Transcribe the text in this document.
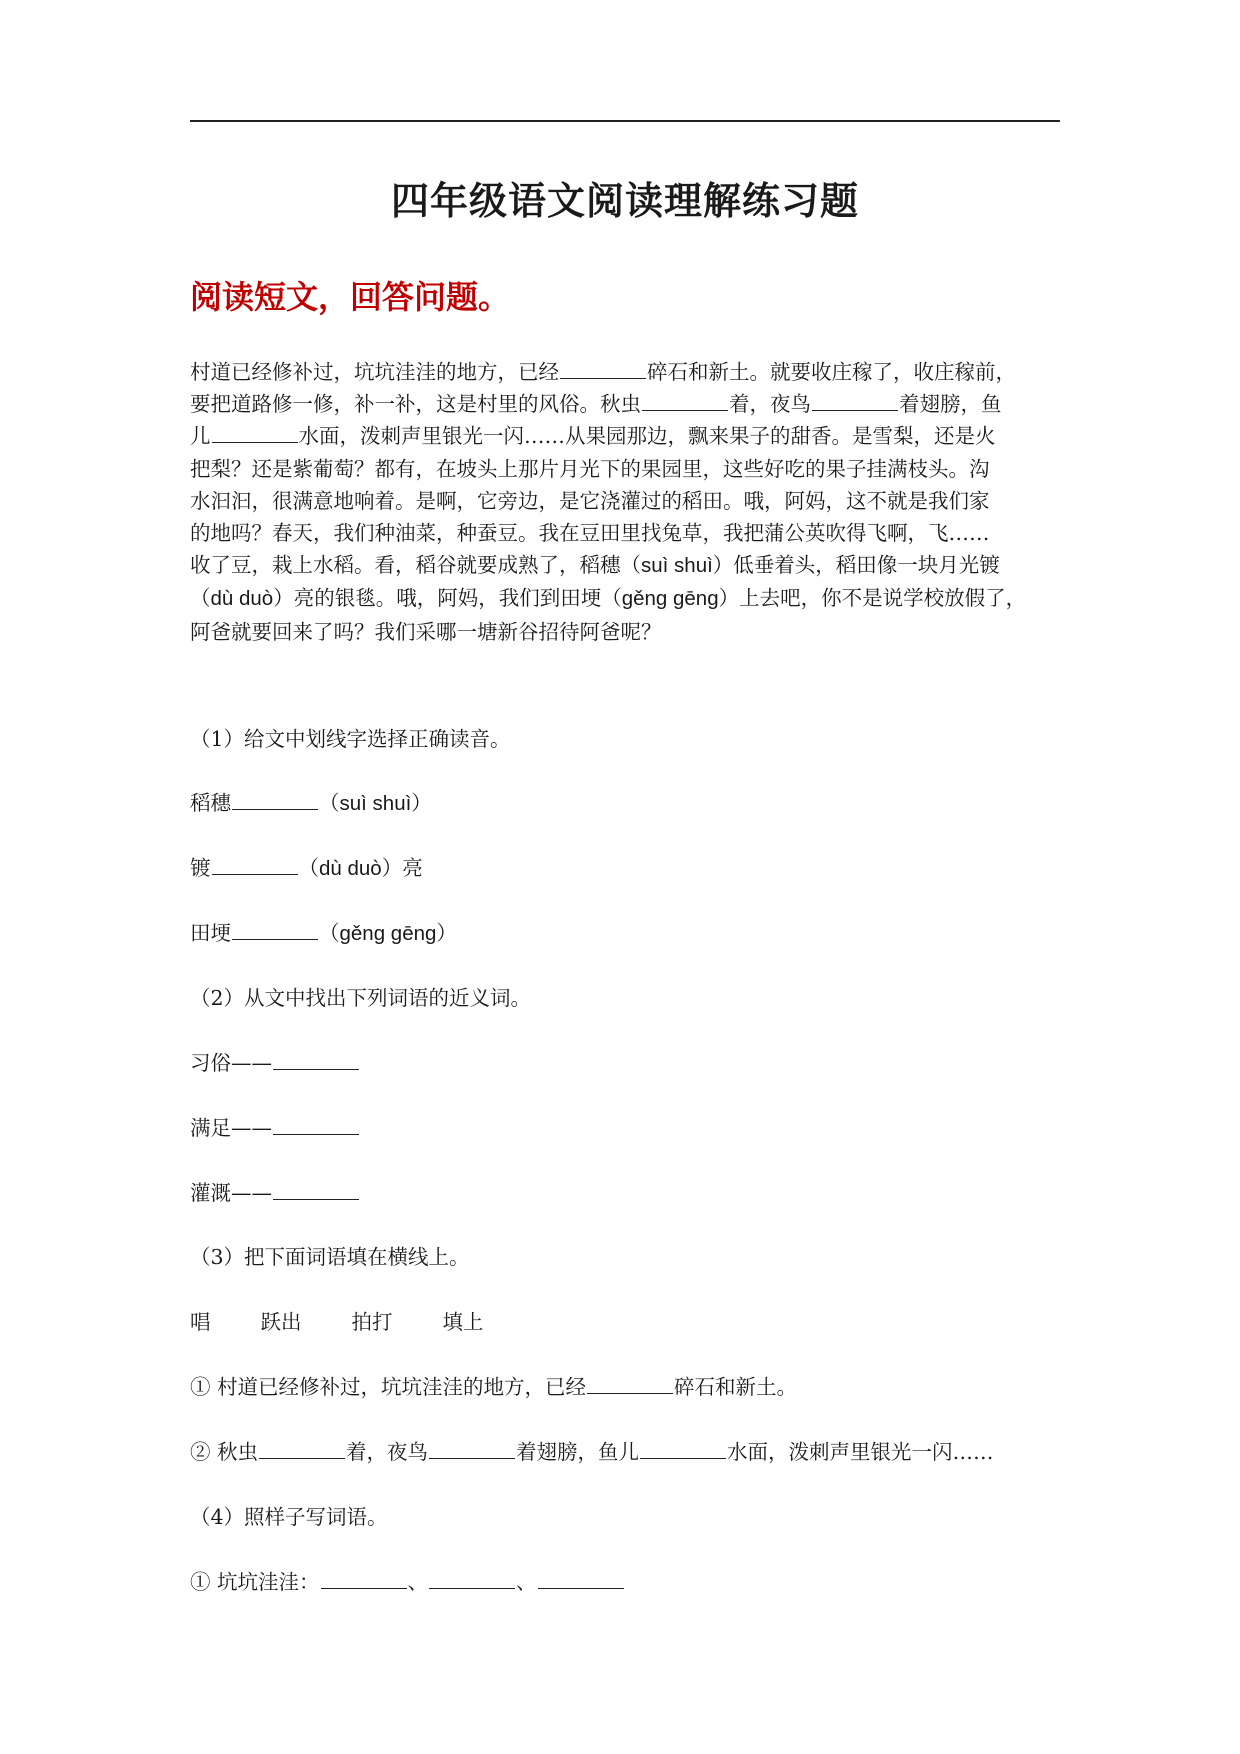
四年级语文阅读理解练习题
阅读短文，回答问题。
村道已经修补过，坑坑洼洼的地方，已经	碎石和新土。就要收庄稼了，收庄稼前，
要把道路修一修，补一补，这是村里的风俗。秋虫	着，夜鸟	着翅膀，鱼
儿	水面，泼刺声里银光一闪……从果园那边，飘来果子的甜香。是雪梨，还是火
把梨？还是紫葡萄？都有，在坡头上那片月光下的果园里，这些好吃的果子挂满枝头。沟
水汩汩，很满意地响着。是啊，它旁边，是它浇灌过的稻田。哦，阿妈，这不就是我们家
的地吗？春天，我们种油菜，种蚕豆。我在豆田里找兔草，我把蒲公英吹得飞啊，飞……
收了豆，栽上水稻。看，稻谷就要成熟了，稻穗（suì shuì）低垂着头，稻田像一块月光镀
（dù duò）亮的银毯。哦，阿妈，我们到田埂（gěng gēng）上去吧，你不是说学校放假了，
阿爸就要回来了吗？我们采哪一塘新谷招待阿爸呢？
（1）给文中划线字选择正确读音。
稻穗	（suì shuì）
镀	（dù duò）亮
田埂	（gěng gēng）
（2）从文中找出下列词语的近义词。
习俗——
满足——
灌溉——
（3）把下面词语填在横线上。
唱 跃出 拍打 填上
① 村道已经修补过，坑坑洼洼的地方，已经	碎石和新土。
② 秋虫	着，夜鸟	着翅膀，鱼儿	水面，泼刺声里银光一闪……
（4）照样子写词语。
① 坑坑洼洼：	、	、
